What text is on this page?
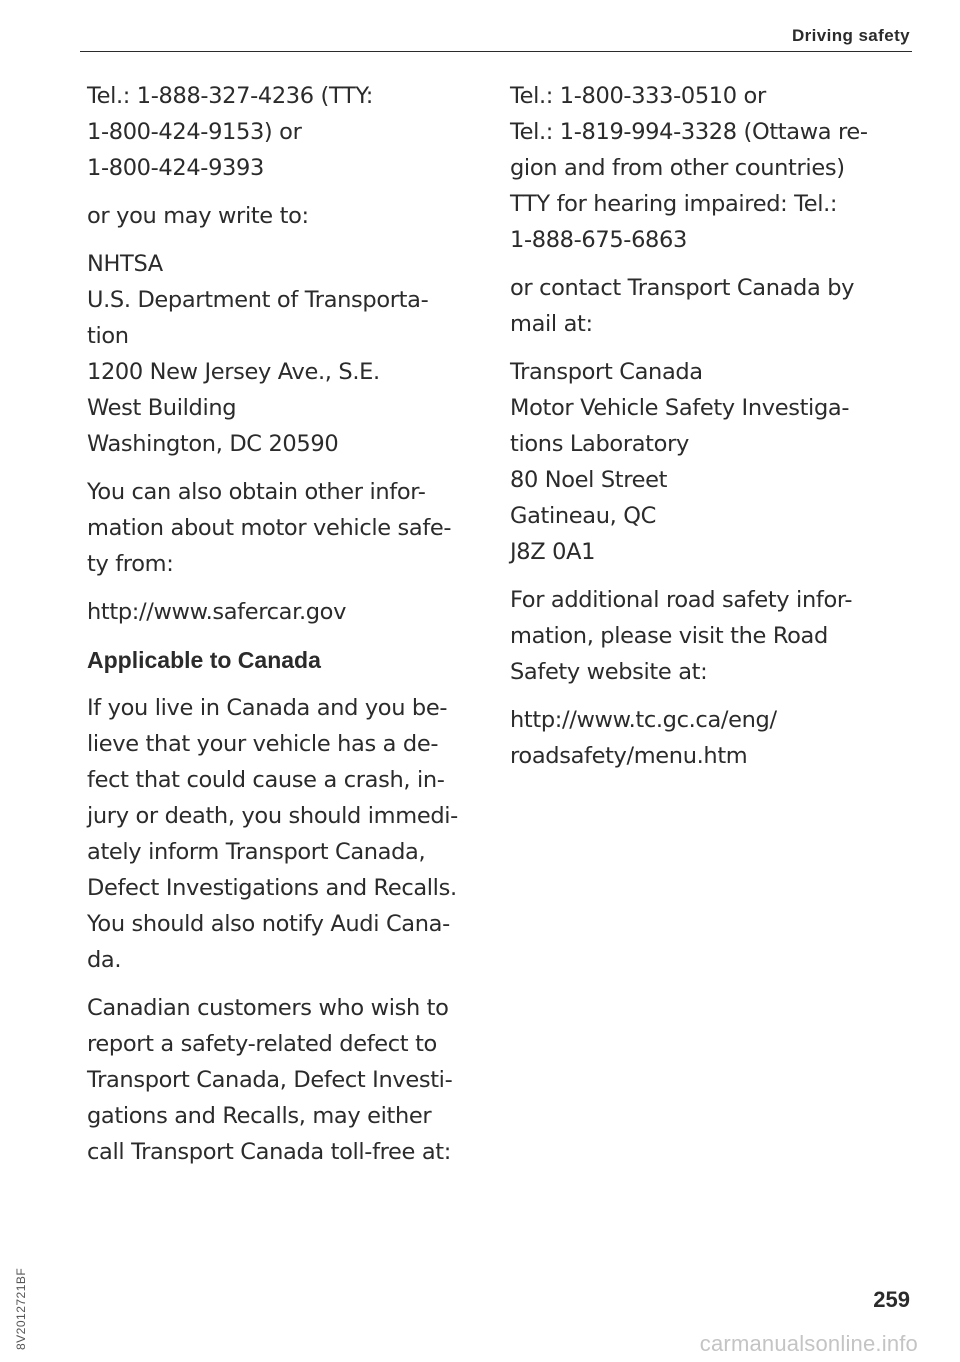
Driving safety

Tel.: 1-888-327-4236 (TTY:
1-800-424-9153) or
1-800-424-9393

or you may write to:

NHTSA
U.S. Department of Transporta-
tion
1200 New Jersey Ave., S.E.
West Building
Washington, DC 20590

You can also obtain other infor-
mation about motor vehicle safe-
ty from:

http://www.safercar.gov

Applicable to Canada

If you live in Canada and you be-
lieve that your vehicle has a de-
fect that could cause a crash, in-
jury or death, you should immedi-
ately inform Transport Canada,
Defect Investigations and Recalls.
You should also notify Audi Cana-
da.

Canadian customers who wish to
report a safety-related defect to
Transport Canada, Defect Investi-
gations and Recalls, may either
call Transport Canada toll-free at:

Tel.: 1-800-333-0510 or
Tel.: 1-819-994-3328 (Ottawa re-
gion and from other countries)
TTY for hearing impaired: Tel.:
1-888-675-6863

or contact Transport Canada by
mail at:

Transport Canada
Motor Vehicle Safety Investiga-
tions Laboratory
80 Noel Street
Gatineau, QC
J8Z 0A1

For additional road safety infor-
mation, please visit the Road
Safety website at:

http://www.tc.gc.ca/eng/
roadsafety/menu.htm

8V2012721BF	259
carmanualsonline.info
